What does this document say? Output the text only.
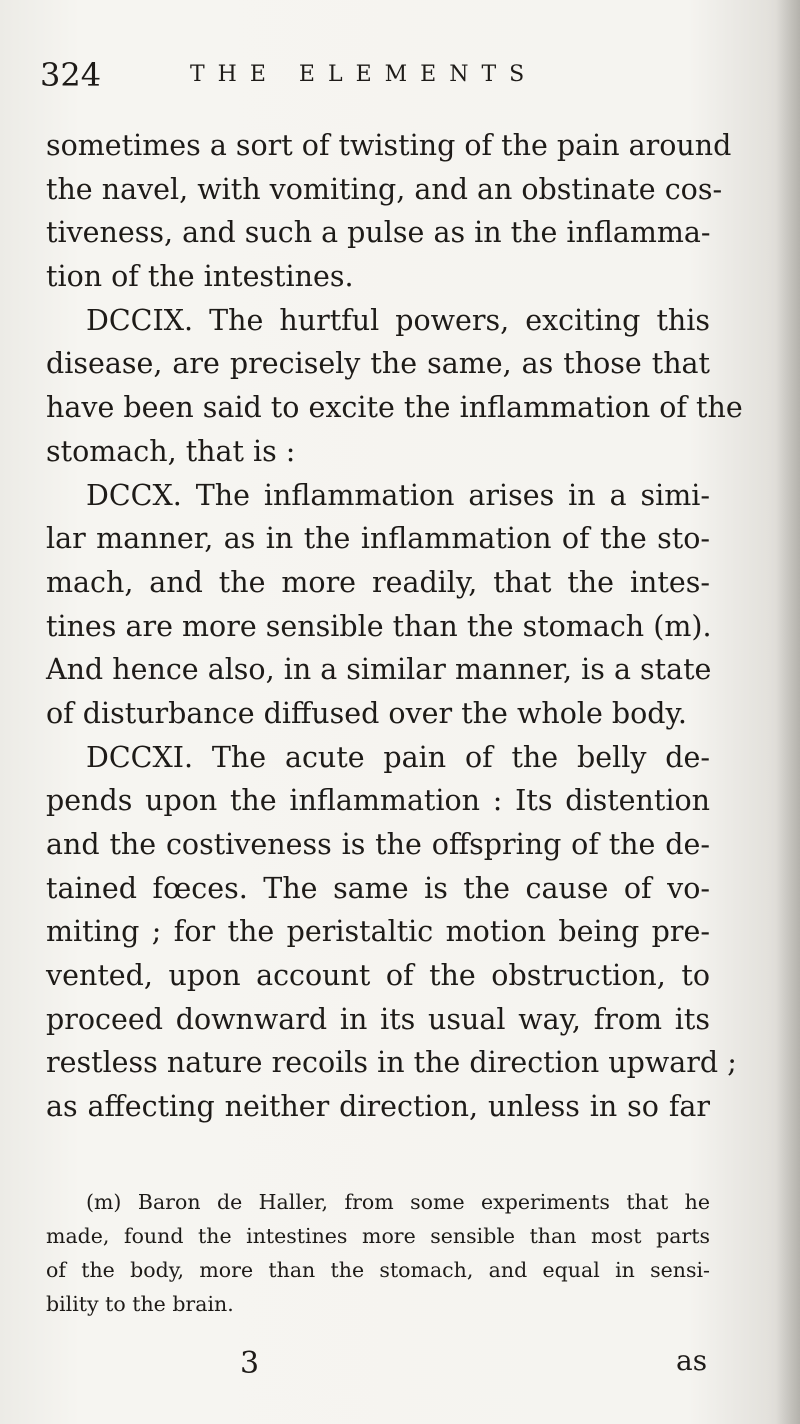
324	THE ELEMENTS
sometimes a sort of twisting of the pain around
the navel, with vomiting, and an obstinate cos-
tiveness, and such a pulse as in the inflamma-
tion of the intestines.
DCCIX. The hurtful powers, exciting this
disease, are precisely the same, as those that
have been said to excite the inflammation of the
stomach, that is :
DCCX. The inflammation arises in a simi-
lar manner, as in the inflammation of the sto-
mach, and the more readily, that the intes-
tines are more sensible than the stomach (m).
And hence also, in a similar manner, is a state
of disturbance diffused over the whole body.
DCCXI. The acute pain of the belly de-
pends upon the inflammation : Its distention
and the costiveness is the offspring of the de-
tained fœces. The same is the cause of vo-
miting ; for the peristaltic motion being pre-
vented, upon account of the obstruction, to
proceed downward in its usual way, from its
restless nature recoils in the direction upward ;
as affecting neither direction, unless in so far
(m) Baron de Haller, from some experiments that he
made, found the intestines more sensible than most parts
of the body, more than the stomach, and equal in sensi-
bility to the brain.
3	as
